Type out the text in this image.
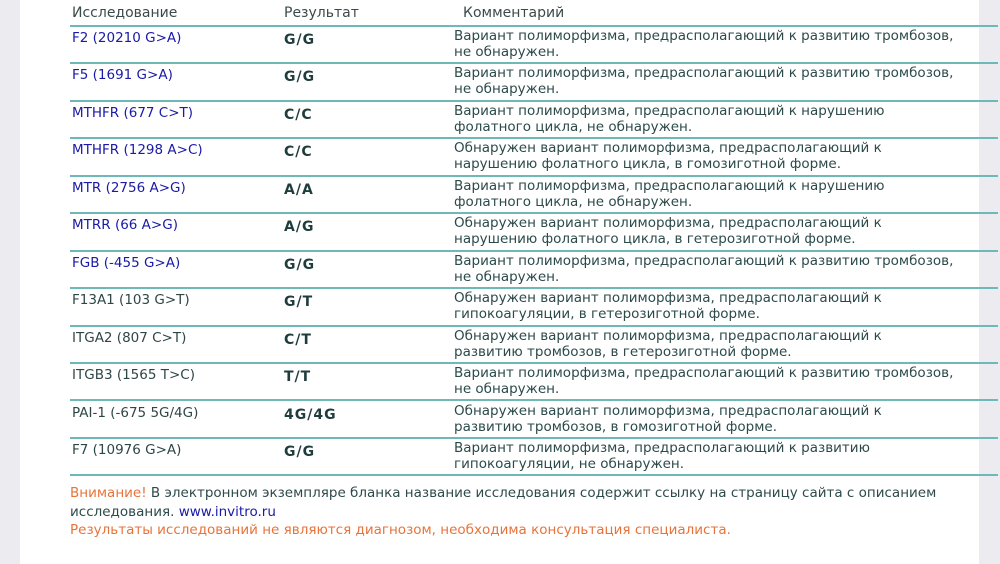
Исследование	Результат	Комментарий
F2 (20210 G>A)	G/G	Вариант полиморфизма, предрасполагающий к развитию тромбозов, не обнаружен.
F5 (1691 G>A)	G/G	Вариант полиморфизма, предрасполагающий к развитию тромбозов, не обнаружен.
MTHFR (677 C>T)	C/C	Вариант полиморфизма, предрасполагающий к нарушению фолатного цикла, не обнаружен.
MTHFR (1298 A>C)	C/C	Обнаружен вариант полиморфизма, предрасполагающий к нарушению фолатного цикла, в гомозиготной форме.
MTR (2756 A>G)	A/A	Вариант полиморфизма, предрасполагающий к нарушению фолатного цикла, не обнаружен.
MTRR (66 A>G)	A/G	Обнаружен вариант полиморфизма, предрасполагающий к нарушению фолатного цикла, в гетерозиготной форме.
FGB (-455 G>A)	G/G	Вариант полиморфизма, предрасполагающий к развитию тромбозов, не обнаружен.
F13A1 (103 G>T)	G/T	Обнаружен вариант полиморфизма, предрасполагающий к гипокоагуляции, в гетерозиготной форме.
ITGA2 (807 C>T)	C/T	Обнаружен вариант полиморфизма, предрасполагающий к развитию тромбозов, в гетерозиготной форме.
ITGB3 (1565 T>C)	T/T	Вариант полиморфизма, предрасполагающий к развитию тромбозов, не обнаружен.
PAI-1 (-675 5G/4G)	4G/4G	Обнаружен вариант полиморфизма, предрасполагающий к развитию тромбозов, в гомозиготной форме.
F7 (10976 G>A)	G/G	Вариант полиморфизма, предрасполагающий к развитию гипокоагуляции, не обнаружен.
Внимание! В электронном экземпляре бланка название исследования содержит ссылку на страницу сайта с описанием исследования. www.invitro.ru
Результаты исследований не являются диагнозом, необходима консультация специалиста.
